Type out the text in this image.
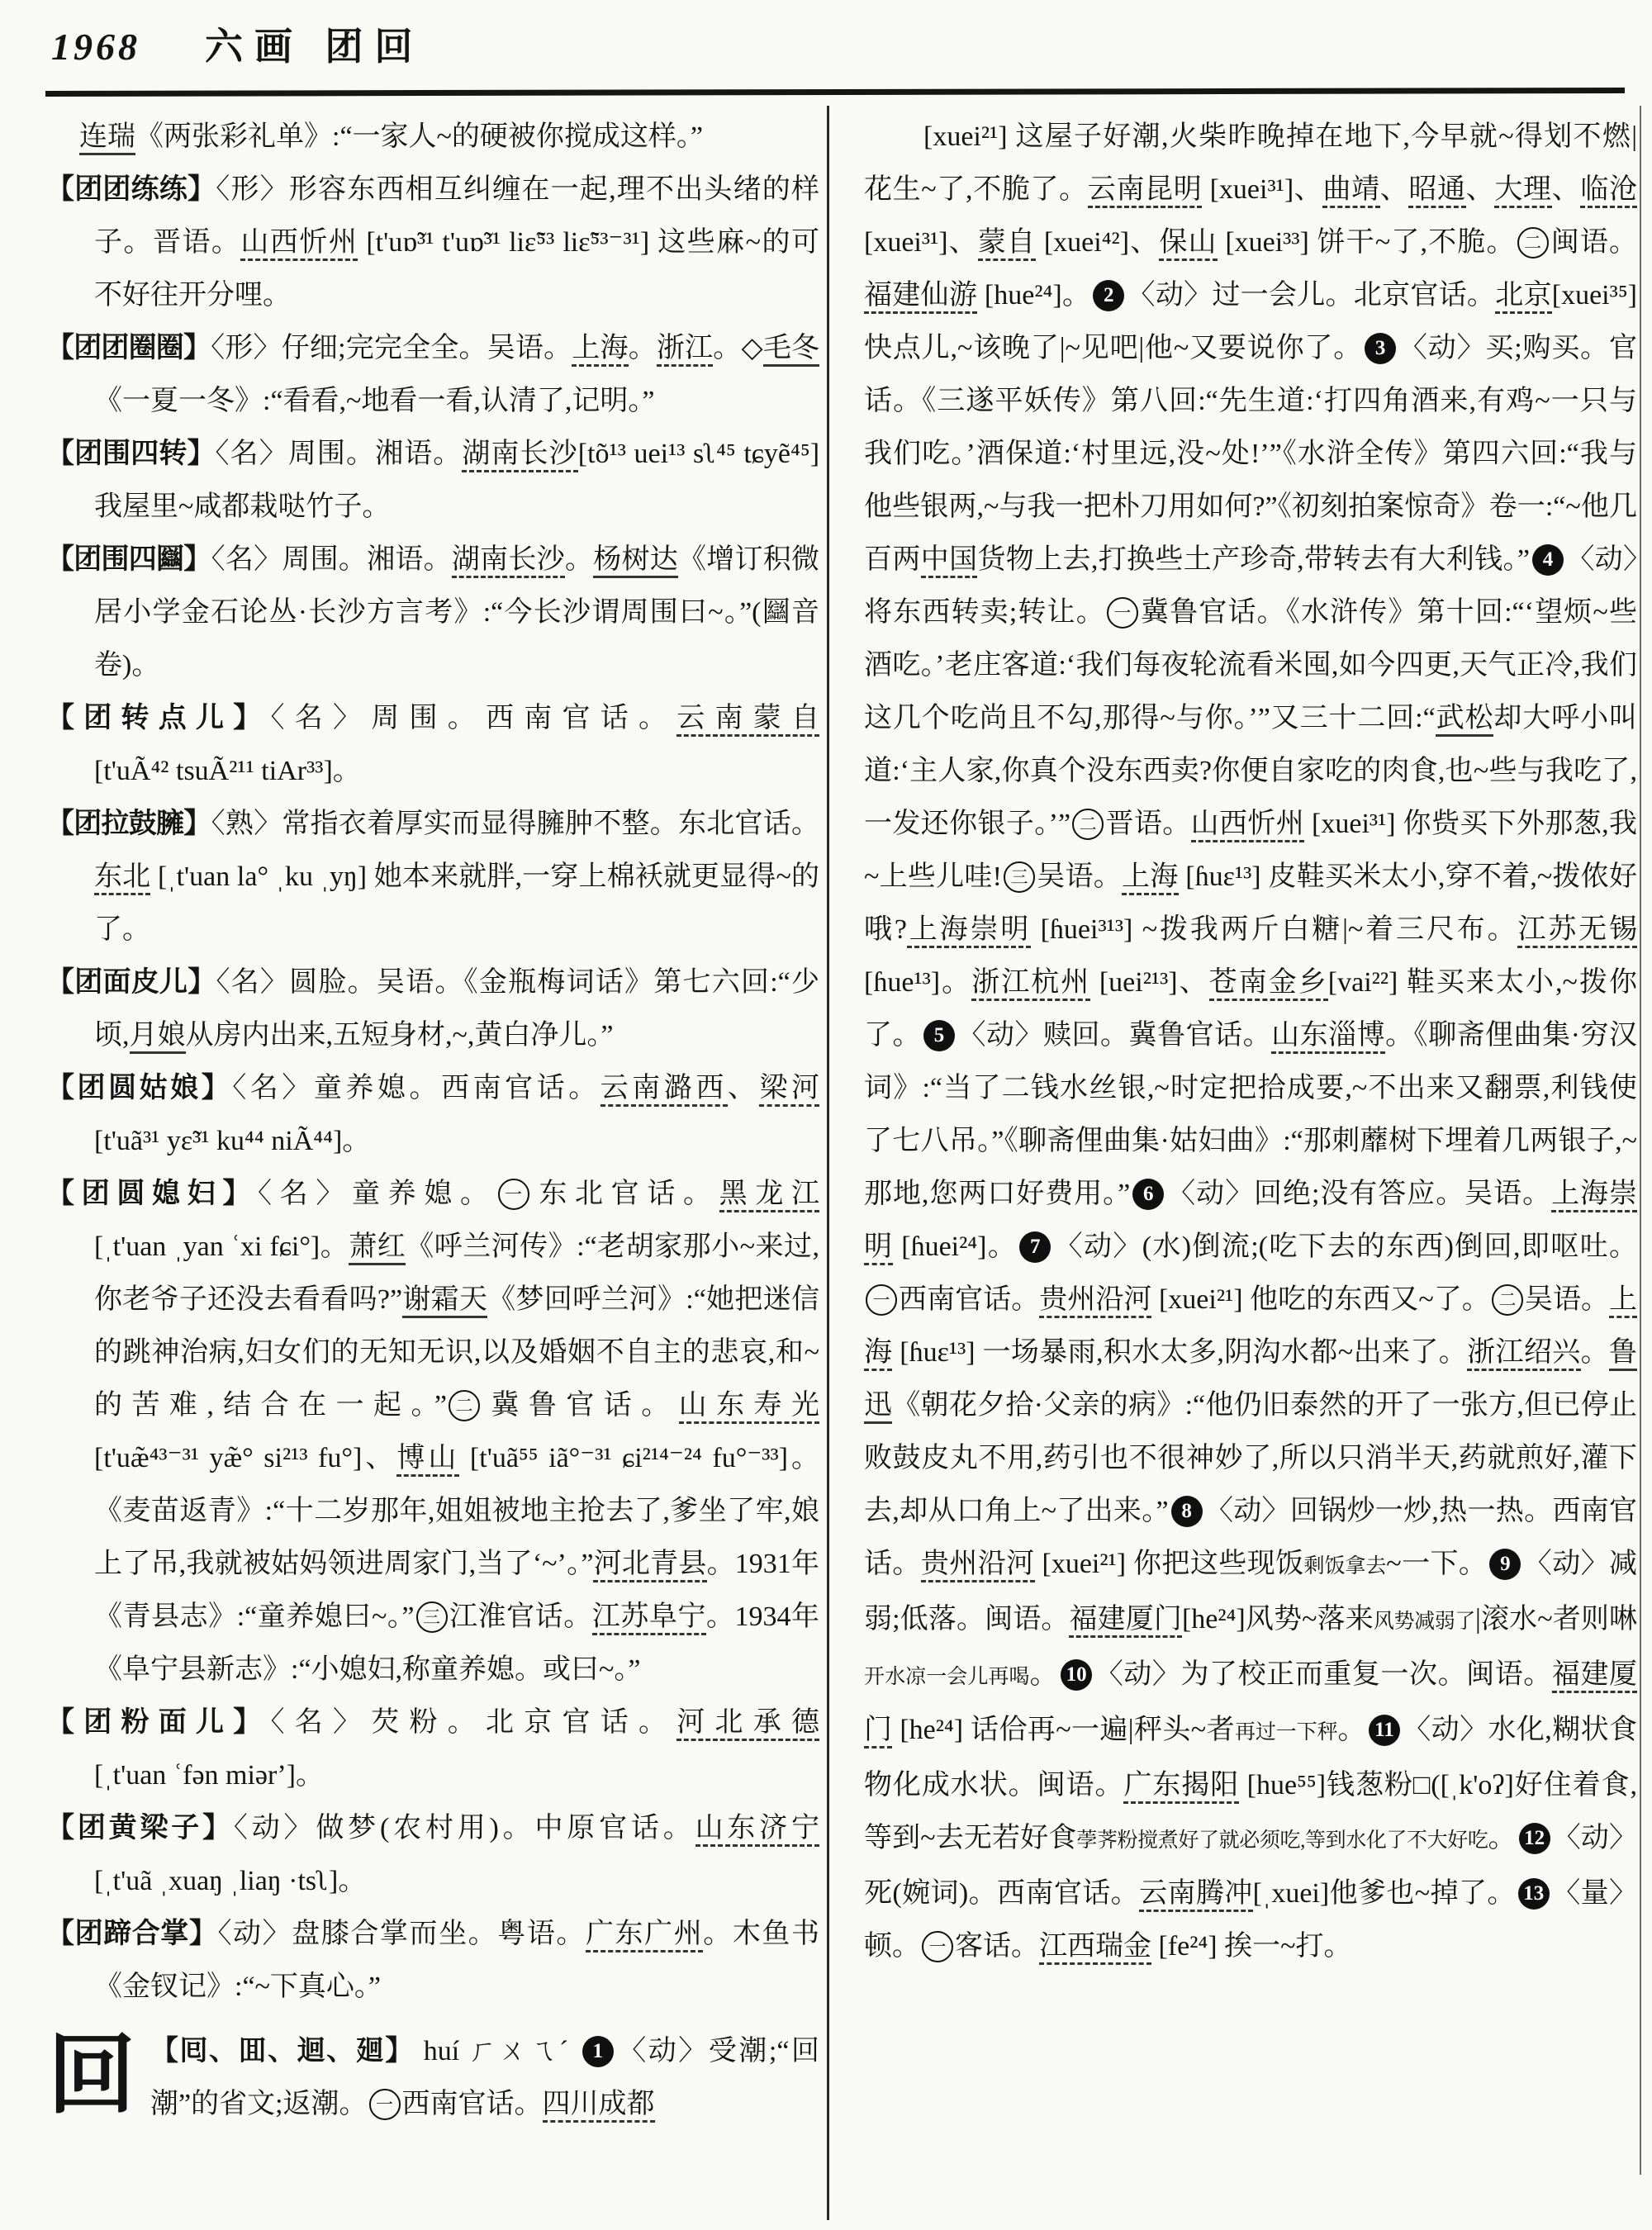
1968 六画 团回

连瑞《两张彩礼单》:“一家人~的硬被你搅成这样。”

【团团练练】〈形〉形容东西相互纠缠在一起,理不出头绪的样子。晋语。山西忻州 [t'uɒ̃³¹ t'uɒ̃³¹ liɛ̃⁵³ liɛ̃⁵³⁻³¹] 这些麻~的可不好往开分哩。

【团团圈圈】〈形〉仔细;完完全全。吴语。上海。浙江。◇毛冬《一夏一冬》:“看看,~地看一看,认清了,记明。”

【团围四转】〈名〉周围。湘语。湖南长沙[tõ¹³ uei¹³ sʅ⁴⁵ tɕyẽ⁴⁵] 我屋里~咸都栽哒竹子。

【团围四圝】〈名〉周围。湘语。湖南长沙。杨树达《增订积微居小学金石论丛·长沙方言考》:“今长沙谓周围曰~。”(圝音卷)。

【团转点儿】〈名〉周围。西南官话。云南蒙自 [t'uÃ⁴² tsuÃ²¹¹ tiAr³³]。

【团拉鼓臃】〈熟〉常指衣着厚实而显得臃肿不整。东北官话。东北 [ˌt'uan la° ˌku ˌyŋ] 她本来就胖,一穿上棉袄就更显得~的了。

【团面皮儿】〈名〉圆脸。吴语。《金瓶梅词话》第七六回:“少顷,月娘从房内出来,五短身材,~,黄白净儿。”

【团圆姑娘】〈名〉童养媳。西南官话。云南潞西、梁河 [t'uã³¹ yɛ̃³¹ ku⁴⁴ niÃ⁴⁴]。

【团圆媳妇】〈名〉童养媳。 一 东北官话。黑龙江 [ˌt'uan ˌyan ʿxi fɕi°]。萧红《呼兰河传》:“老胡家那小~来过,你老爷子还没去看看吗?”谢霜天《梦回呼兰河》:“她把迷信的跳神治病,妇女们的无知无识,以及婚姻不自主的悲哀,和~的苦难,结合在一起。” 二 冀鲁官话。山东寿光 [t'uæ̃⁴³⁻³¹ yæ̃° si²¹³ fu°]、博山 [t'uã⁵⁵ iã°⁻³¹ ɕi²¹⁴⁻²⁴ fu°⁻³³]。《麦苗返青》:“十二岁那年,姐姐被地主抢去了,爹坐了牢,娘上了吊,我就被姑妈领进周家门,当了‘~’。”河北青县。1931年《青县志》:“童养媳曰~。” 三 江淮官话。江苏阜宁。1934年《阜宁县新志》:“小媳妇,称童养媳。或曰~。”

【团粉面儿】〈名〉芡粉。北京官话。河北承德 [ˌt'uan ʿfən miərʼ]。

【团黄梁子】〈动〉做梦(农村用)。中原官话。山东济宁 [ˌt'uã ˌxuaŋ ˌliaŋ ·tsʅ]。

【团蹄合掌】〈动〉盘膝合掌而坐。粤语。广东广州。木鱼书《金钗记》:“~下真心。”

回 【囘、囬、迴、廻】 huí ㄏㄨㄟˊ 1 〈动〉受潮;“回潮”的省文;返潮。 一 西南官话。四川成都

[xuei²¹] 这屋子好潮,火柴昨晚掉在地下,今早就~得划不燃|花生~了,不脆了。云南昆明 [xuei³¹]、曲靖、昭通、大理、临沧[xuei³¹]、蒙自 [xuei⁴²]、保山 [xuei³³] 饼干~了,不脆。 二 闽语。福建仙游 [hue²⁴]。 2 〈动〉过一会儿。北京官话。北京[xuei³⁵]快点儿,~该晚了|~见吧|他~又要说你了。 3 〈动〉买;购买。官话。《三遂平妖传》第八回:“先生道:‘打四角酒来,有鸡~一只与我们吃。’酒保道:‘村里远,没~处!’”《水浒全传》第四六回:“我与他些银两,~与我一把朴刀用如何?”《初刻拍案惊奇》卷一:“~他几百两中国货物上去,打换些土产珍奇,带转去有大利钱。” 4 〈动〉将东西转卖;转让。 一 冀鲁官话。《水浒传》第十回:“‘望烦~些酒吃。’老庄客道:‘我们每夜轮流看米囤,如今四更,天气正冷,我们这几个吃尚且不勾,那得~与你。’”又三十二回:“武松却大呼小叫道:‘主人家,你真个没东西卖?你便自家吃的肉食,也~些与我吃了,一发还你银子。’” 二 晋语。山西忻州 [xuei³¹] 你赀买下外那葱,我~上些儿哇! 三 吴语。上海 [ɦuɛ¹³] 皮鞋买米太小,穿不着,~拨侬好哦?上海崇明 [ɦuei³¹³] ~拨我两斤白糖|~着三尺布。江苏无锡 [ɦue¹³]。浙江杭州 [uei²¹³]、苍南金乡[vai²²] 鞋买来太小,~拨你了。 5 〈动〉赎回。冀鲁官话。山东淄博。《聊斋俚曲集·穷汉词》:“当了二钱水丝银,~时定把拾成要,~不出来又翻票,利钱使了七八吊。”《聊斋俚曲集·姑妇曲》:“那刺蘼树下埋着几两银子,~那地,您两口好费用。” 6 〈动〉回绝;没有答应。吴语。上海崇明 [ɦuei²⁴]。 7 〈动〉(水)倒流;(吃下去的东西)倒回,即呕吐。一 西南官话。贵州沿河 [xuei²¹] 他吃的东西又~了。 二 吴语。上海 [ɦuɛ¹³] 一场暴雨,积水太多,阴沟水都~出来了。浙江绍兴。鲁迅《朝花夕拾·父亲的病》:“他仍旧泰然的开了一张方,但已停止败鼓皮丸不用,药引也不很神妙了,所以只消半天,药就煎好,灌下去,却从口角上~了出来。” 8 〈动〉回锅炒一炒,热一热。西南官话。贵州沿河 [xuei²¹] 你把这些现饭剩饭拿去~一下。 9 〈动〉减弱;低落。闽语。福建厦门[he²⁴]风势~落来风势减弱了|滚水~者则啉开水凉一会儿再喝。 10 〈动〉为了校正而重复一次。闽语。福建厦门 [he²⁴] 话佮再~一遍|秤头~者再过一下秤。 11 〈动〉水化,糊状食物化成水状。闽语。广东揭阳 [hue⁵⁵]钱葱粉□([ˌk'oʔ]好住着食,等到~去无若好食荸荠粉搅煮好了就必须吃,等到水化了不大好吃。 12 〈动〉死(婉词)。西南官话。云南腾冲[ˌxuei]他爹也~掉了。 13 〈量〉顿。 一 客话。江西瑞金 [fe²⁴] 挨一~打。
